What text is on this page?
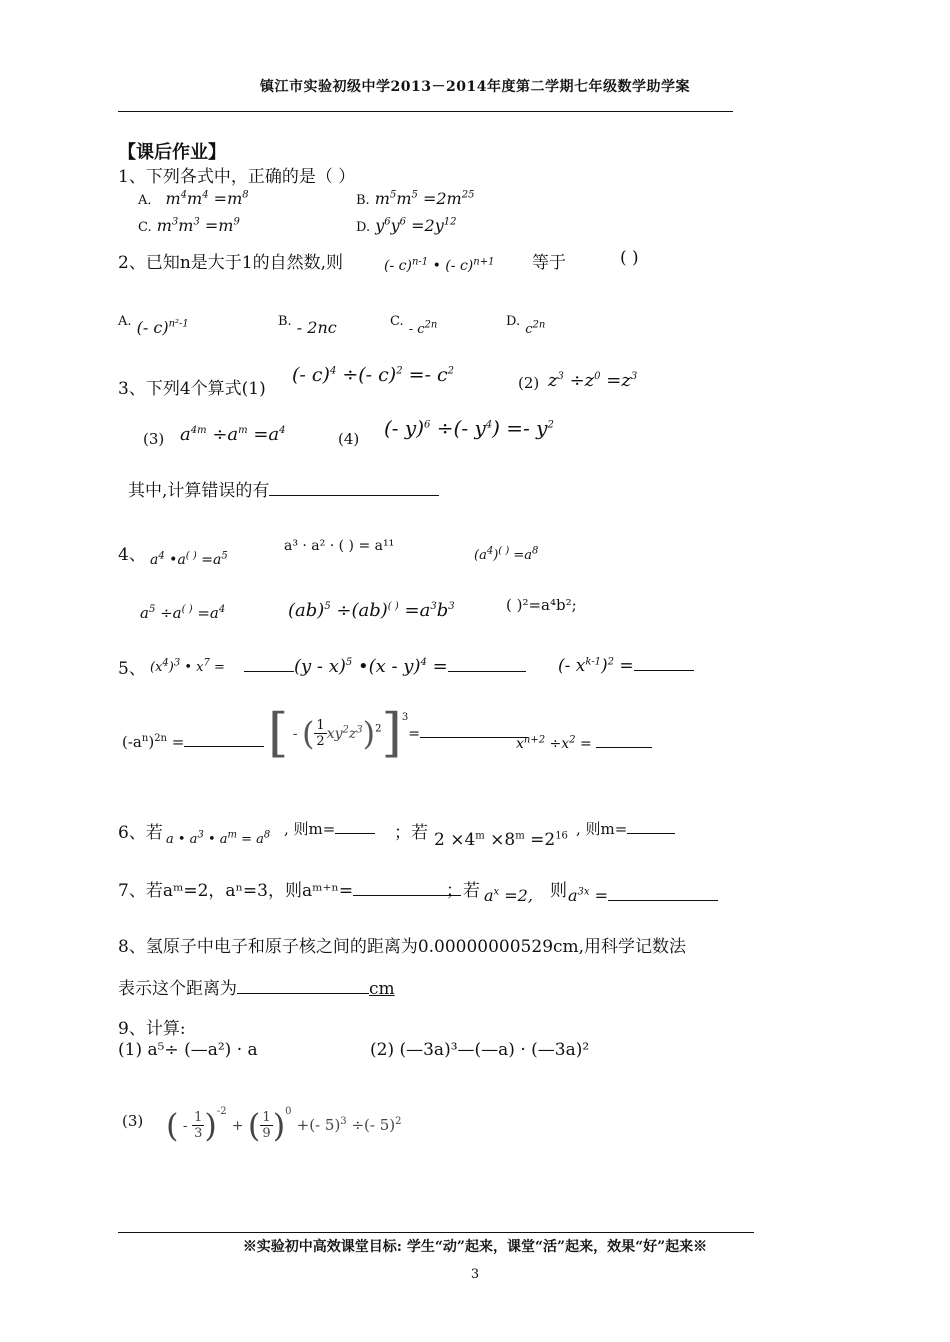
镇江市实验初级中学2013－2014年度第二学期七年级数学助学案
【课后作业】
1、下列各式中，正确的是（ ）
A． $m^4m^4 =m^8$	B. $m^5m^5 =2m^{25}$
C. $m^3m^3 =m^9$	D. $y^6y^6 =2y^{12}$
2、已知n是大于1的自然数,则	(- c)$^{n-1}$ • (- c)$^{n+1}$ 等于	( )
A. (- c)$^{n^2-1}$	B. - 2nc	C. $_{- c^{2n}}$	D. $_{c^{2n}}$
3、下列4个算式(1)
(- c)$^4$ ÷(- $c)^2 =- c^2$
(2) $z^3 \div z^0 =z^3$
(3) $a^{4m} \div a^m =a^4$	(4) (- y)$^6$ ÷(- $y^4) =- y^2$
其中,计算错误的有
4、 $a^4$ •a( ) $=a^5$
a³ · a² · ( ) = a¹¹
$(a^4)^{( )} =a^8$
$a^5 \div a^{( )} =a^4$	$(ab)^5 \div(ab)^{( )} =a^3b^3$	( )²=a⁴b²;
5、 $(x^4)^3$ • $x^7$ =	(y - x)$^5$ •(x - y)$^4$ =	(- $x^{k-1})^2$ =
$(-a^n)^{2n}$ =	[ - ( $\frac{1}{2} xy^2z^3)^2]^3=$
$x^{n+2} \div x^2$ =
6、若 a • $a^3$ • $a^m = a^8$ , 则m=	；若 $2 \times 4^m \times 8^m =2^{16}$ , 则m=
7、若aᵐ=2，aⁿ=3，则aᵐ⁺ⁿ=	；若 $a^x =2$, 则 $a^{3x}$ =
8、氢原子中电子和原子核之间的距离为0.00000000529cm,用科学记数法
表示这个距离为	cm
9、计算:
(1) a⁵÷ (—a²) · a	(2) (—3a)³—(—a) · (—3a)²
(3) ( - $\frac{1}{3} )^{-2}$ + ( $\frac{1}{9} )^0$ +(- 5)$^3$ ÷(- 5)$^2$
※实验初中高效课堂目标: 学生“动”起来，课堂“活”起来，效果“好”起来※
3
